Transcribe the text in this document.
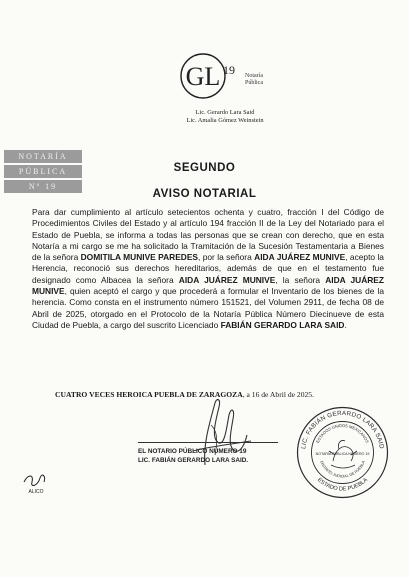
GL 19 Notaría
Pública
Lic. Gerardo Lara Said
Lic. Amalia Gómez Weinstein
NOTARÍA
PÚBLICA
Nº 19
SEGUNDO
AVISO NOTARIAL

Para dar cumplimiento al artículo setecientos ochenta y cuatro, fracción I del Código de Procedimientos Civiles del Estado y al artículo 194 fracción II de la Ley del Notariado para el Estado de Puebla, se informa a todas las personas que se crean con derecho, que en esta Notaría a mi cargo se me ha solicitado la Tramitación de la Sucesión Testamentaria a Bienes de la señora DOMITILA MUNIVE PAREDES, por la señora AIDA JUÁREZ MUNIVE, acepto la Herencia, reconoció sus derechos hereditarios, además de que en el testamento fue designado como Albacea la señora AIDA JUÁREZ MUNIVE, la señora AIDA JUÁREZ MUNIVE, quien aceptó el cargo y que procederá a formular el Inventario de los bienes de la herencia. Como consta en el instrumento número 151521, del Volumen 2911, de fecha 08 de Abril de 2025, otorgado en el Protocolo de la Notaría Pública Número Diecinueve de esta Ciudad de Puebla, a cargo del suscrito Licenciado FABIÁN GERARDO LARA SAID.

CUATRO VECES HEROICA PUEBLA DE ZARAGOZA, a 16 de Abril de 2025.
EL NOTARIO PÚBLICO NÚMERO 19
LIC. FABIÁN GERARDO LARA SAID.
LIC. FABIÁN GERARDO LARA SAID
ESTADO DE PUEBLA
ESTADOS UNIDOS MEXICANOS
DISTRITO JUDICIAL DE PUEBLA
NOTARÍA PÚBLICA NÚMERO 19
ALICO
